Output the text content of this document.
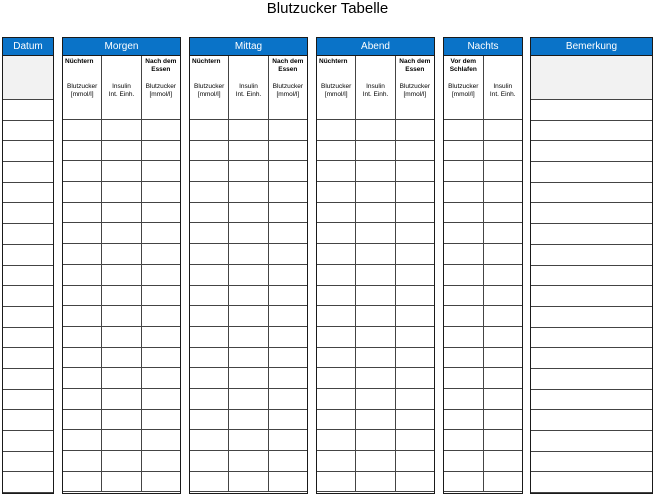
Blutzucker Tabelle
Datum	Morgen
Nüchtern
Blutzucker
[mmol/l]
Insulin
Int. Einh.
Nach dem Essen
Blutzucker
[mmol/l]
Mittag
Nüchtern
Blutzucker
[mmol/l]
Insulin
Int. Einh.
Nach dem Essen
Blutzucker
[mmol/l]
Abend
Nüchtern
Blutzucker
[mmol/l]
Insulin
Int. Einh.
Nach dem Essen
Blutzucker
[mmol/l]
Nachts
Vor dem Schlafen
Blutzucker
[mmol/l]
Insulin
Int. Einh.
Bemerkung
